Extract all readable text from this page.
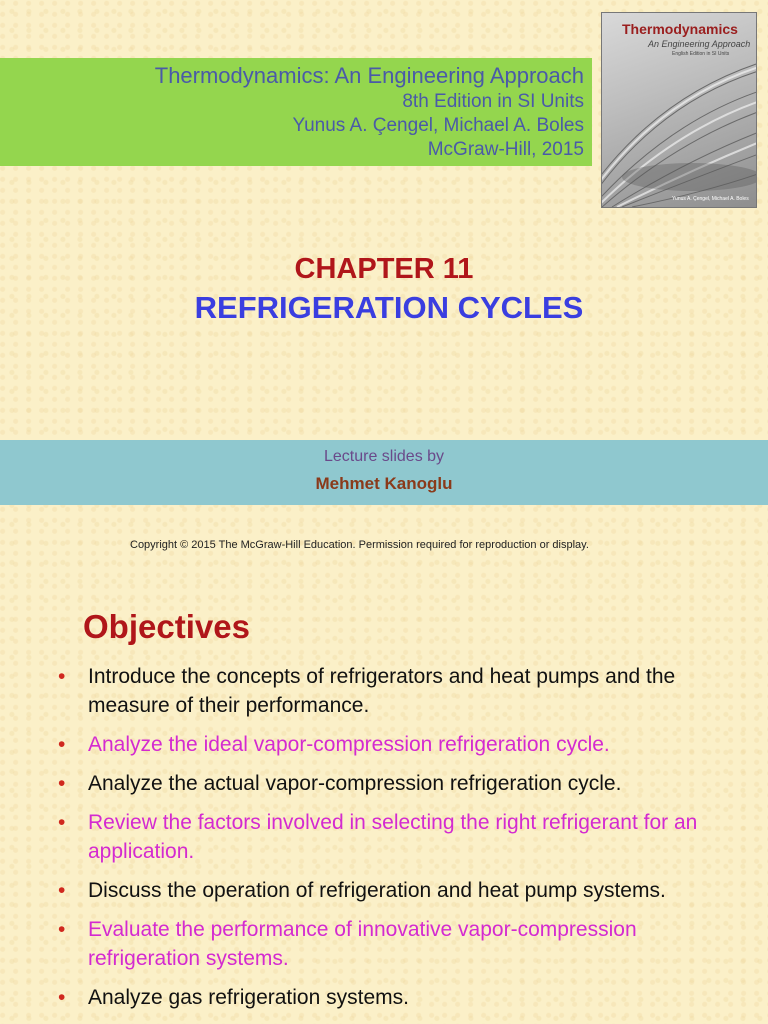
Thermodynamics: An Engineering Approach
8th Edition in SI Units
Yunus A. Çengel, Michael A. Boles
McGraw-Hill, 2015
Thermodynamics
An Engineering Approach
English Edition in SI Units
Yunus A. Çengel, Michael A. Boles
CHAPTER 11
REFRIGERATION CYCLES
Lecture slides by
Mehmet Kanoglu
Copyright © 2015 The McGraw-Hill Education. Permission required for reproduction or display.
Objectives
• Introduce the concepts of refrigerators and heat pumps and the measure of their performance.
• Analyze the ideal vapor-compression refrigeration cycle.
• Analyze the actual vapor-compression refrigeration cycle.
• Review the factors involved in selecting the right refrigerant for an application.
• Discuss the operation of refrigeration and heat pump systems.
• Evaluate the performance of innovative vapor-compression refrigeration systems.
• Analyze gas refrigeration systems.
